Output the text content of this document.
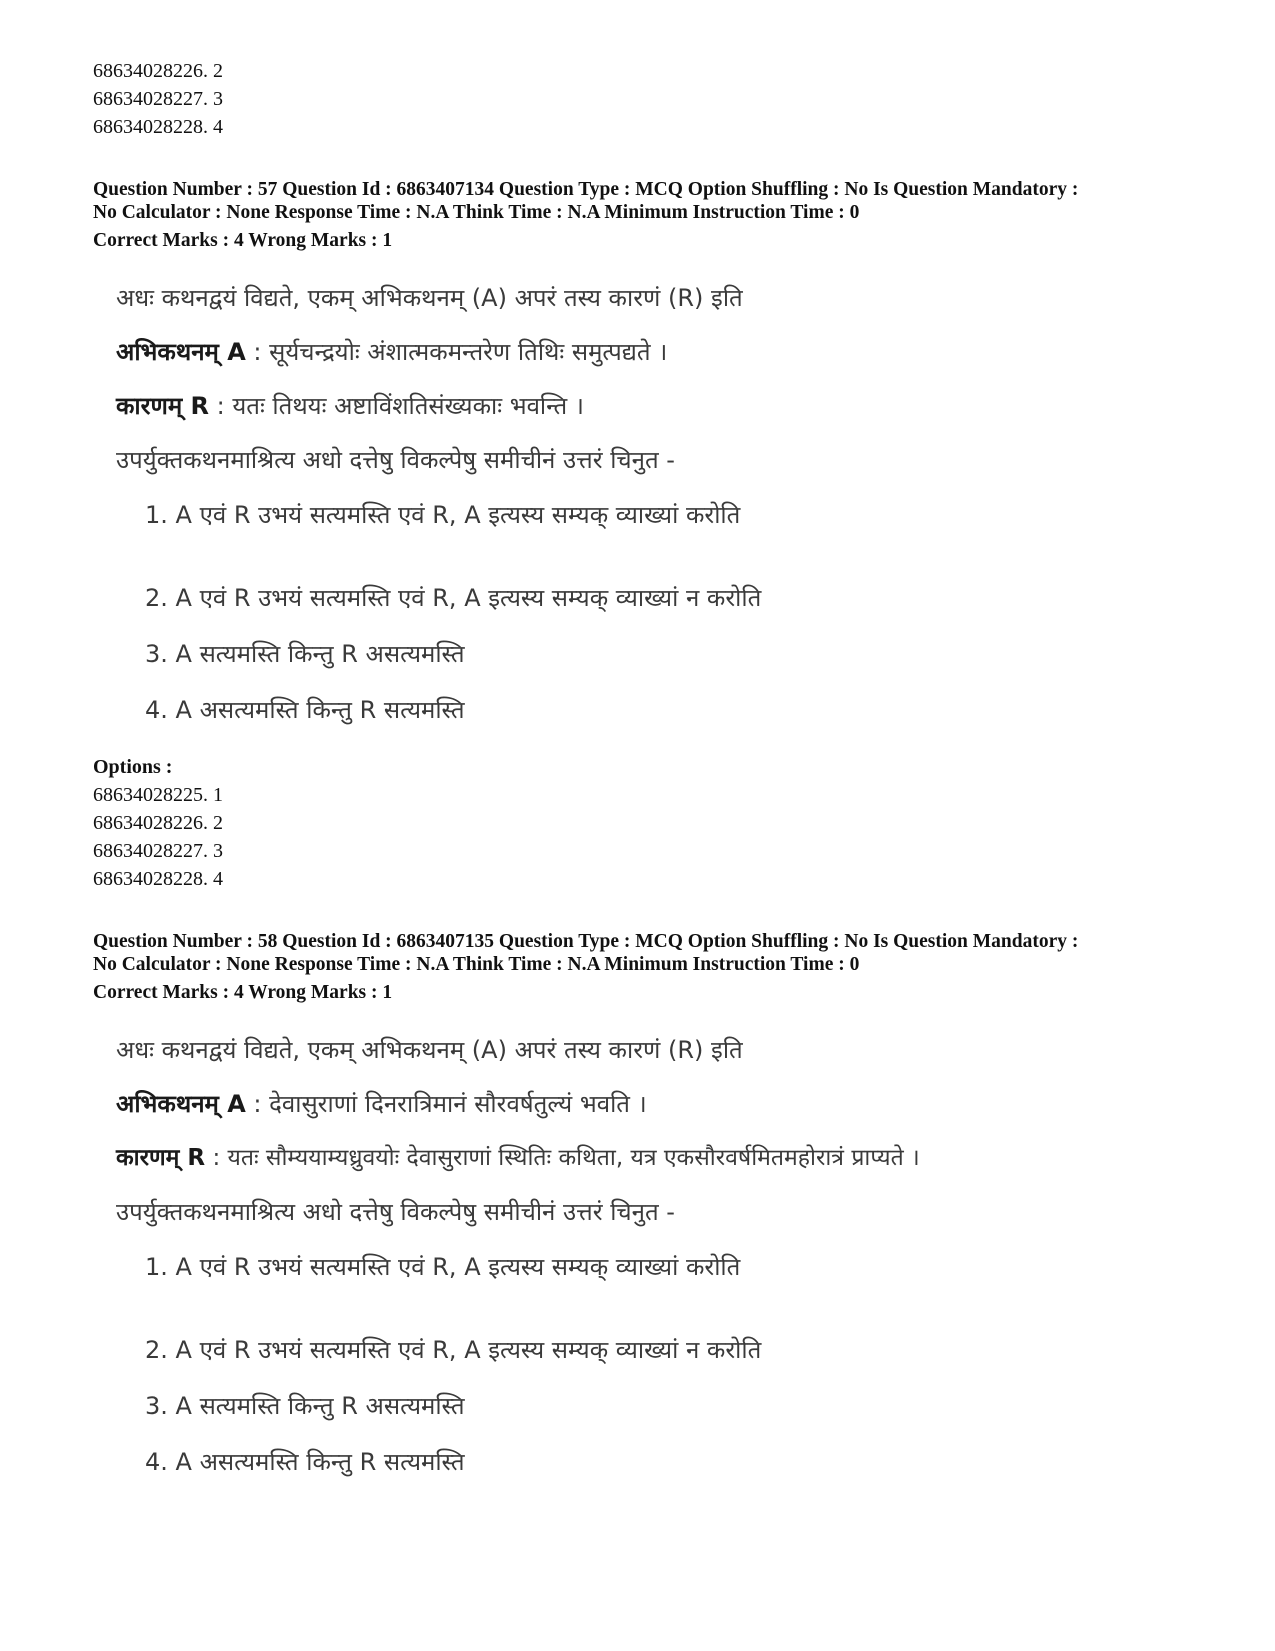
68634028226. 2
68634028227. 3
68634028228. 4
Question Number : 57 Question Id : 6863407134 Question Type : MCQ Option Shuffling : No Is Question Mandatory :
No Calculator : None Response Time : N.A Think Time : N.A Minimum Instruction Time : 0
Correct Marks : 4 Wrong Marks : 1
अधः कथनद्वयं विद्यते, एकम् अभिकथनम् (A) अपरं तस्य कारणं (R) इति
अभिकथनम् A : सूर्यचन्द्रयोः अंशात्मकमन्तरेण तिथिः समुत्पद्यते ।
कारणम् R : यतः तिथयः अष्टाविंशतिसंख्यकाः भवन्ति ।
उपर्युक्तकथनमाश्रित्य अधो दत्तेषु विकल्पेषु समीचीनं उत्तरं चिनुत -
1. A एवं R उभयं सत्यमस्ति एवं R, A इत्यस्य सम्यक् व्याख्यां करोति
2. A एवं R उभयं सत्यमस्ति एवं R, A इत्यस्य सम्यक् व्याख्यां न करोति
3. A सत्यमस्ति किन्तु R असत्यमस्ति
4. A असत्यमस्ति किन्तु R सत्यमस्ति
Options :
68634028225. 1
68634028226. 2
68634028227. 3
68634028228. 4
Question Number : 58 Question Id : 6863407135 Question Type : MCQ Option Shuffling : No Is Question Mandatory :
No Calculator : None Response Time : N.A Think Time : N.A Minimum Instruction Time : 0
Correct Marks : 4 Wrong Marks : 1
अधः कथनद्वयं विद्यते, एकम् अभिकथनम् (A) अपरं तस्य कारणं (R) इति
अभिकथनम् A : देवासुराणां दिनरात्रिमानं सौरवर्षतुल्यं भवति ।
कारणम् R : यतः सौम्ययाम्यध्रुवयोः देवासुराणां स्थितिः कथिता, यत्र एकसौरवर्षमितमहोरात्रं प्राप्यते ।
उपर्युक्तकथनमाश्रित्य अधो दत्तेषु विकल्पेषु समीचीनं उत्तरं चिनुत -
1. A एवं R उभयं सत्यमस्ति एवं R, A इत्यस्य सम्यक् व्याख्यां करोति
2. A एवं R उभयं सत्यमस्ति एवं R, A इत्यस्य सम्यक् व्याख्यां न करोति
3. A सत्यमस्ति किन्तु R असत्यमस्ति
4. A असत्यमस्ति किन्तु R सत्यमस्ति
